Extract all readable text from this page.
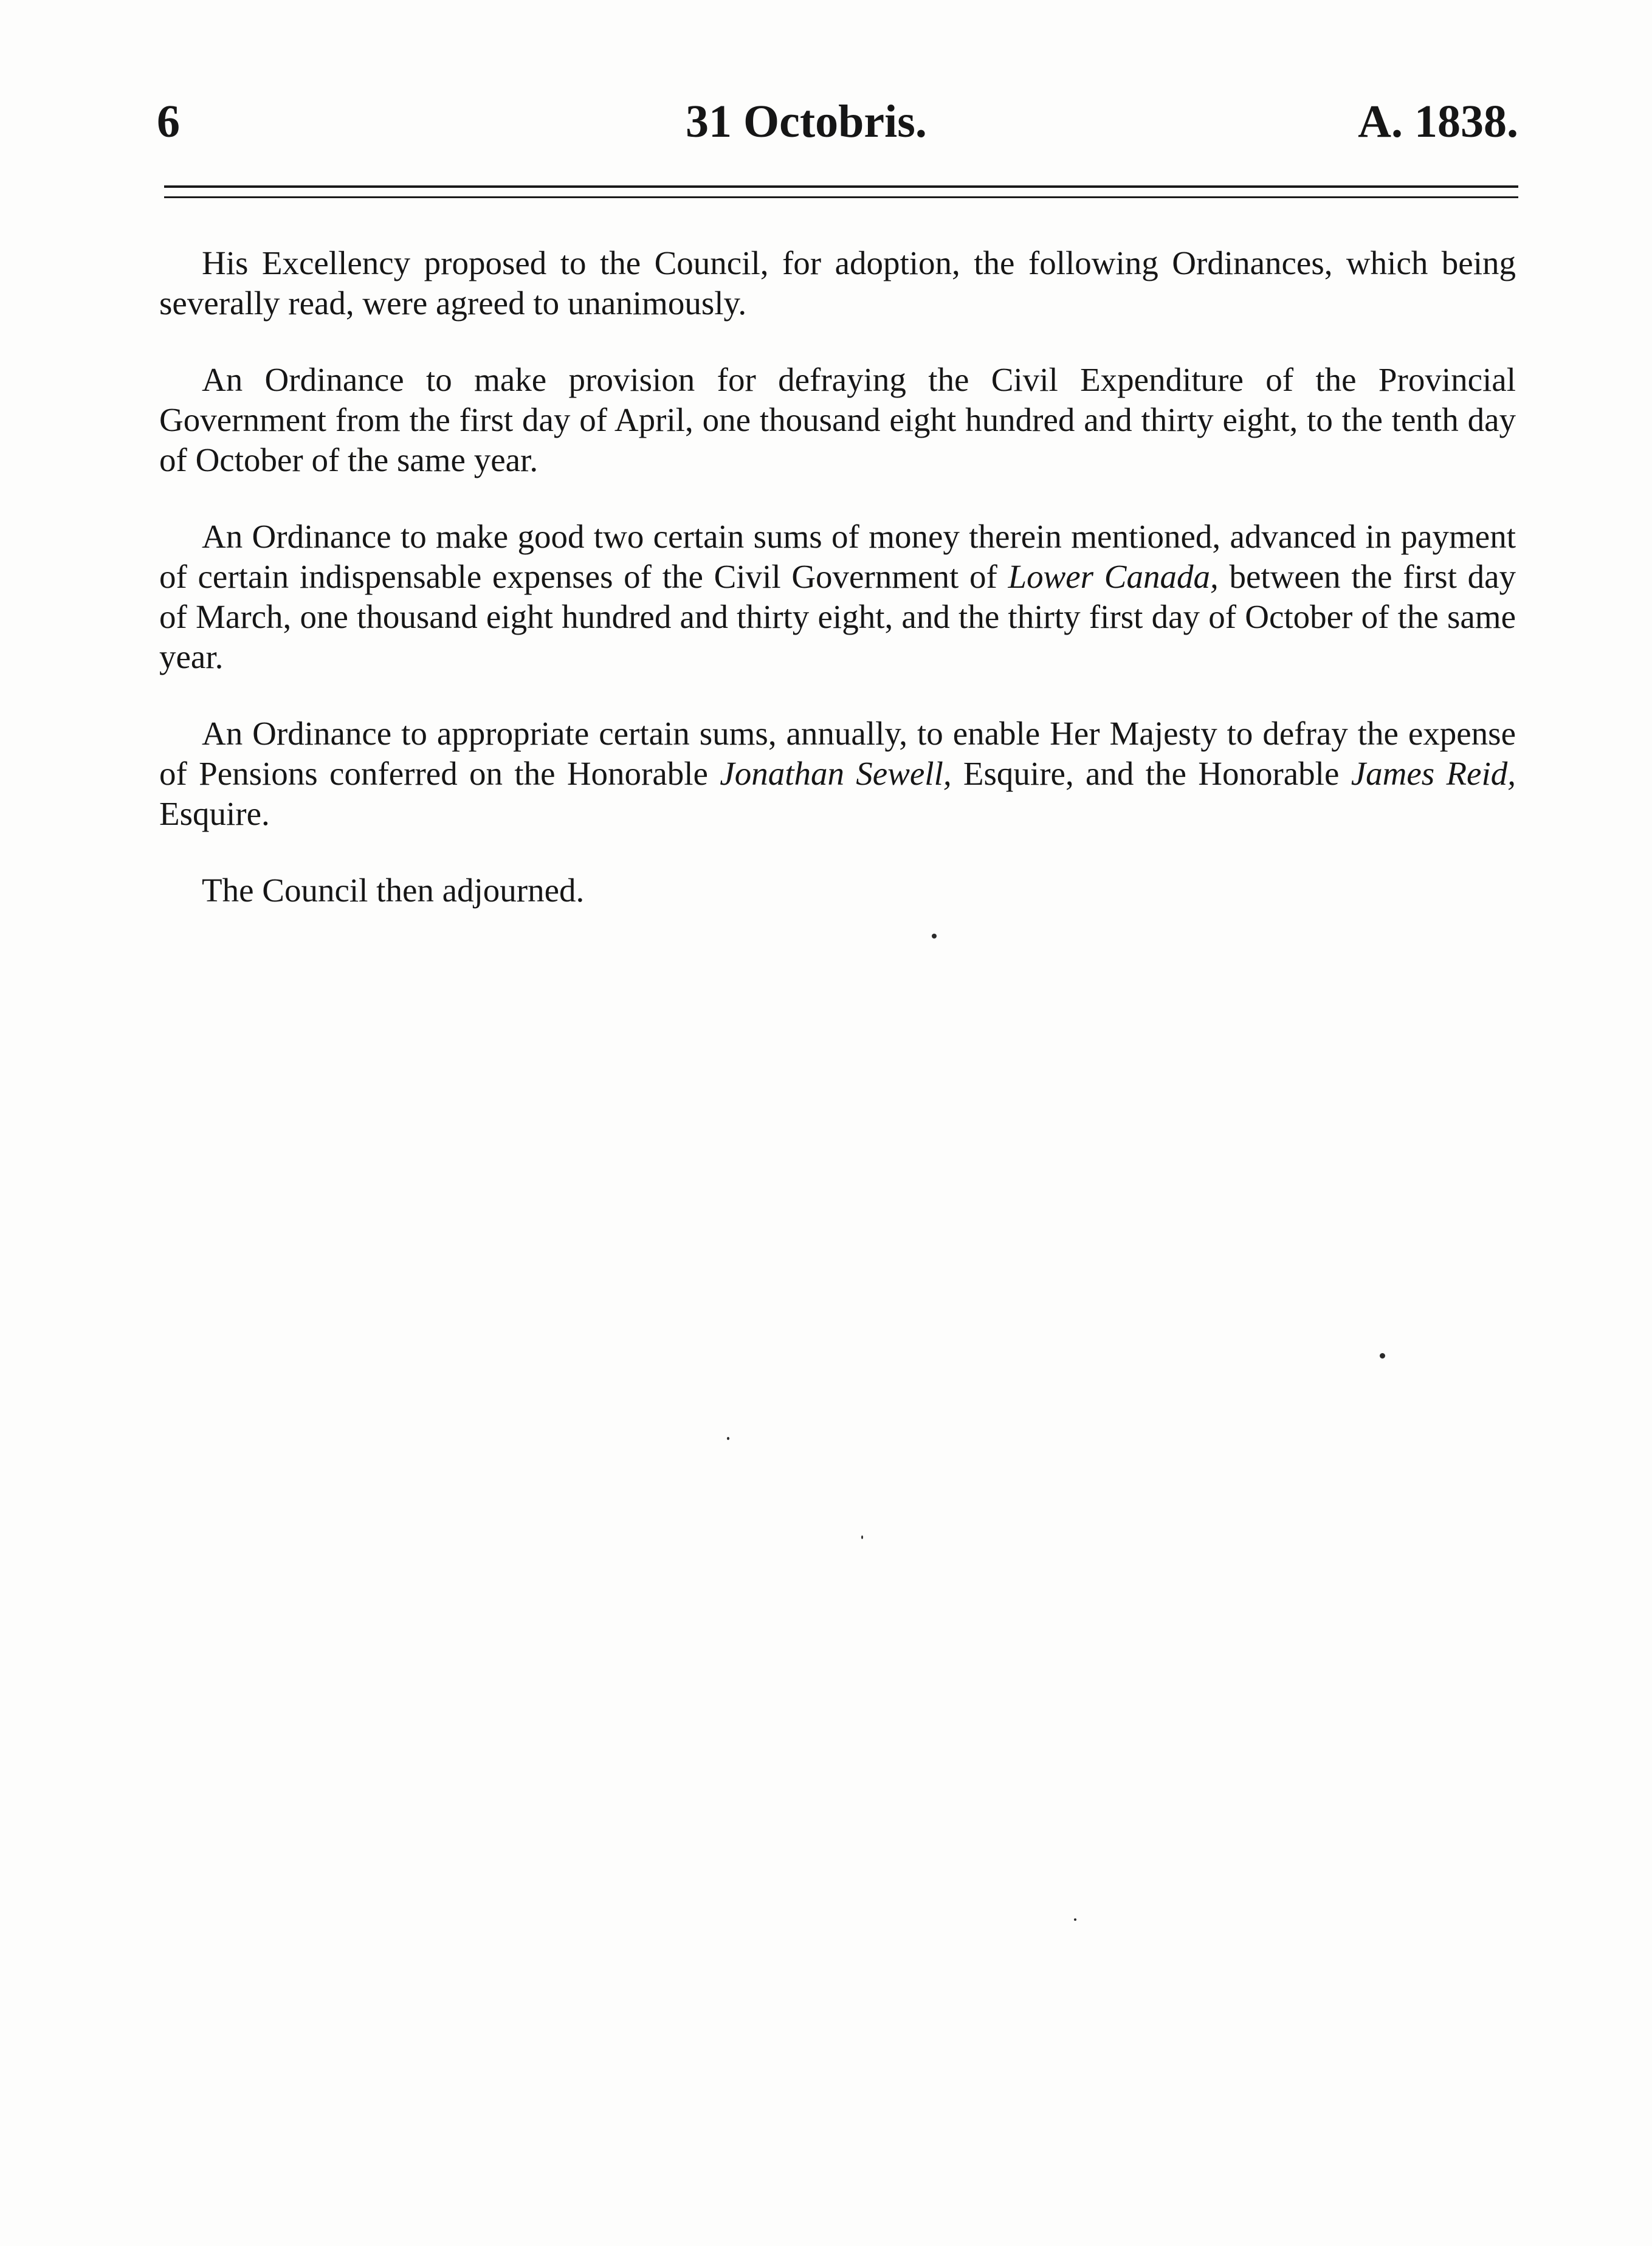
6	31 Octobris.	A. 1838.

His Excellency proposed to the Council, for adoption, the following Ordinances, which being severally read, were agreed to unanimously.

An Ordinance to make provision for defraying the Civil Expenditure of the Provincial Government from the first day of April, one thousand eight hundred and thirty eight, to the tenth day of October of the same year.

An Ordinance to make good two certain sums of money therein mentioned, advanced in payment of certain indispensable expenses of the Civil Government of Lower Canada, between the first day of March, one thousand eight hundred and thirty eight, and the thirty first day of October of the same year.

An Ordinance to appropriate certain sums, annually, to enable Her Majesty to defray the expense of Pensions conferred on the Honorable Jonathan Sewell, Esquire, and the Honorable James Reid, Esquire.

The Council then adjourned.
